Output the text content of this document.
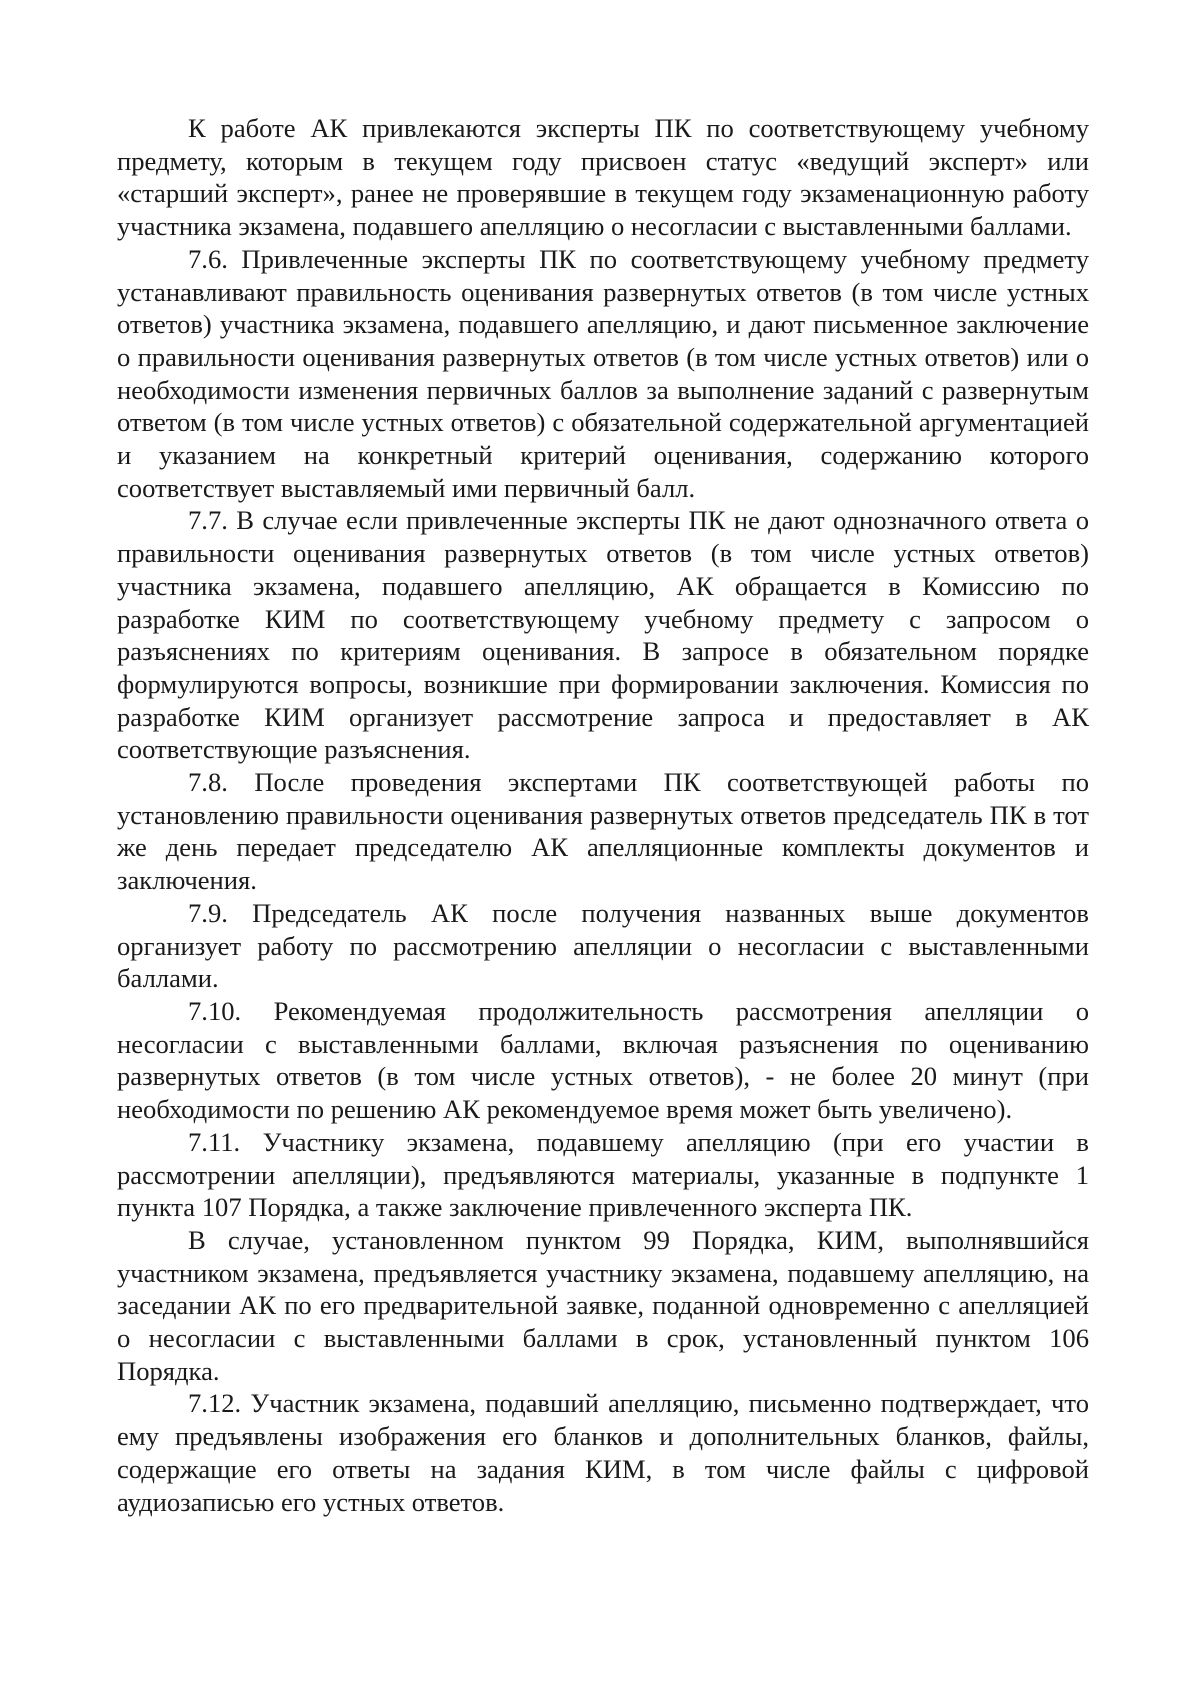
К работе АК привлекаются эксперты ПК по соответствующему учебному предмету, которым в текущем году присвоен статус «ведущий эксперт» или «старший эксперт», ранее не проверявшие в текущем году экзаменационную работу участника экзамена, подавшего апелляцию о несогласии с выставленными баллами.

7.6. Привлеченные эксперты ПК по соответствующему учебному предмету устанавливают правильность оценивания развернутых ответов (в том числе устных ответов) участника экзамена, подавшего апелляцию, и дают письменное заключение о правильности оценивания развернутых ответов (в том числе устных ответов) или о необходимости изменения первичных баллов за выполнение заданий с развернутым ответом (в том числе устных ответов) с обязательной содержательной аргументацией и указанием на конкретный критерий оценивания, содержанию которого соответствует выставляемый ими первичный балл.

7.7. В случае если привлеченные эксперты ПК не дают однозначного ответа о правильности оценивания развернутых ответов (в том числе устных ответов) участника экзамена, подавшего апелляцию, АК обращается в Комиссию по разработке КИМ по соответствующему учебному предмету с запросом о разъяснениях по критериям оценивания. В запросе в обязательном порядке формулируются вопросы, возникшие при формировании заключения. Комиссия по разработке КИМ организует рассмотрение запроса и предоставляет в АК соответствующие разъяснения.

7.8. После проведения экспертами ПК соответствующей работы по установлению правильности оценивания развернутых ответов председатель ПК в тот же день передает председателю АК апелляционные комплекты документов и заключения.

7.9. Председатель АК после получения названных выше документов организует работу по рассмотрению апелляции о несогласии с выставленными баллами.

7.10. Рекомендуемая продолжительность рассмотрения апелляции о несогласии с выставленными баллами, включая разъяснения по оцениванию развернутых ответов (в том числе устных ответов), - не более 20 минут (при необходимости по решению АК рекомендуемое время может быть увеличено).

7.11. Участнику экзамена, подавшему апелляцию (при его участии в рассмотрении апелляции), предъявляются материалы, указанные в подпункте 1 пункта 107 Порядка, а также заключение привлеченного эксперта ПК.

В случае, установленном пунктом 99 Порядка, КИМ, выполнявшийся участником экзамена, предъявляется участнику экзамена, подавшему апелляцию, на заседании АК по его предварительной заявке, поданной одновременно с апелляцией о несогласии с выставленными баллами в срок, установленный пунктом 106 Порядка.

7.12. Участник экзамена, подавший апелляцию, письменно подтверждает, что ему предъявлены изображения его бланков и дополнительных бланков, файлы, содержащие его ответы на задания КИМ, в том числе файлы с цифровой аудиозаписью его устных ответов.
